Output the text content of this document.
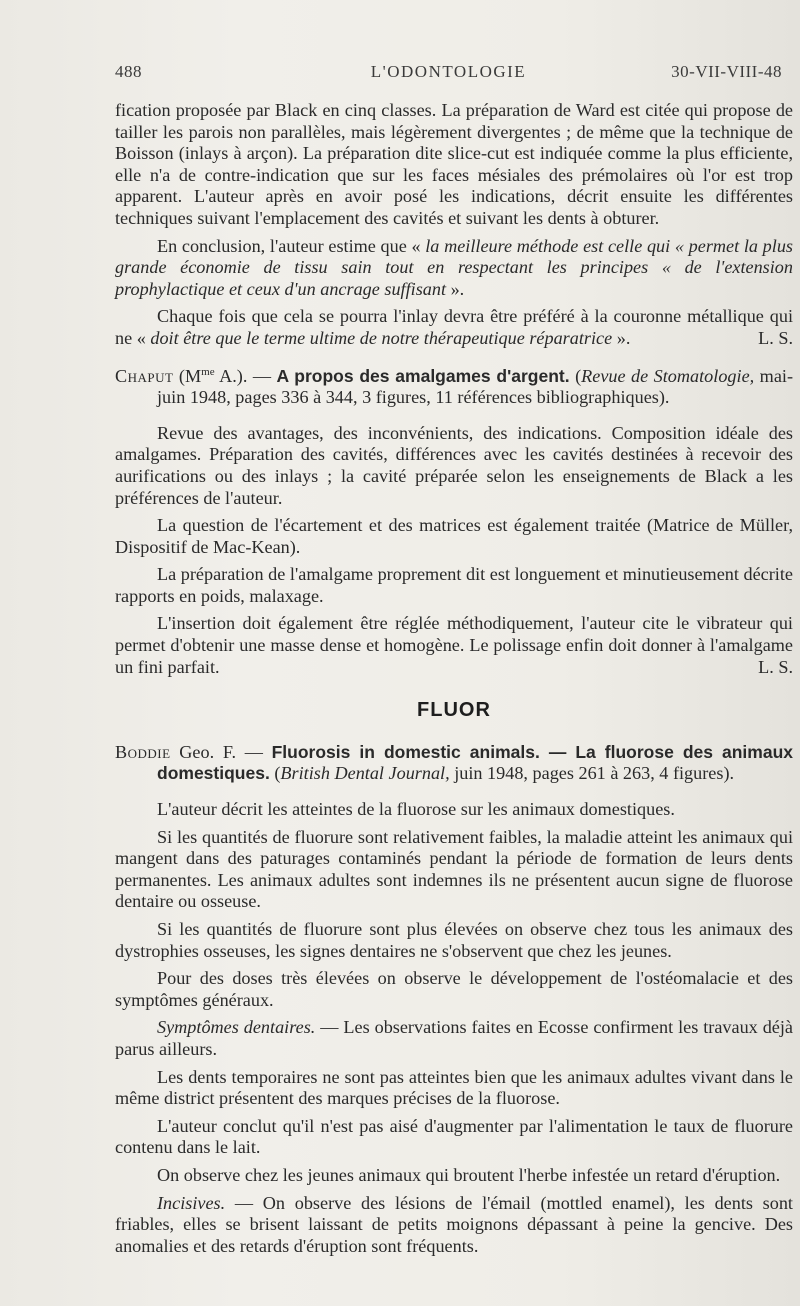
488	L'ODONTOLOGIE	30-VII-VIII-48

fication proposée par Black en cinq classes. La préparation de Ward est citée qui propose de tailler les parois non parallèles, mais légèrement divergentes ; de même que la technique de Boisson (inlays à arçon). La préparation dite slice-cut est indiquée comme la plus efficiente, elle n'a de contre-indication que sur les faces mésiales des prémolaires où l'or est trop apparent. L'auteur après en avoir posé les indications, décrit ensuite les différentes techniques suivant l'emplacement des cavités et suivant les dents à obturer.

En conclusion, l'auteur estime que « la meilleure méthode est celle qui « permet la plus grande économie de tissu sain tout en respectant les principes « de l'extension prophylactique et ceux d'un ancrage suffisant ».

Chaque fois que cela se pourra l'inlay devra être préféré à la couronne métallique qui ne « doit être que le terme ultime de notre thérapeutique réparatrice ».	L. S.

Chaput ($M^{me}$ A.). — A propos des amalgames d'argent. (Revue de Stomatologie, mai-juin 1948, pages 336 à 344, 3 figures, 11 références bibliographiques).

Revue des avantages, des inconvénients, des indications. Composition idéale des amalgames. Préparation des cavités, différences avec les cavités destinées à recevoir des aurifications ou des inlays ; la cavité préparée selon les enseignements de Black a les préférences de l'auteur.

La question de l'écartement et des matrices est également traitée (Matrice de Müller, Dispositif de Mac-Kean).

La préparation de l'amalgame proprement dit est longuement et minutieusement décrite rapports en poids, malaxage.

L'insertion doit également être réglée méthodiquement, l'auteur cite le vibrateur qui permet d'obtenir une masse dense et homogène. Le polissage enfin doit donner à l'amalgame un fini parfait.	L. S.

FLUOR

Boddie Geo. F. — Fluorosis in domestic animals. — La fluorose des animaux domestiques. (British Dental Journal, juin 1948, pages 261 à 263, 4 figures).

L'auteur décrit les atteintes de la fluorose sur les animaux domestiques.

Si les quantités de fluorure sont relativement faibles, la maladie atteint les animaux qui mangent dans des paturages contaminés pendant la période de formation de leurs dents permanentes. Les animaux adultes sont indemnes ils ne présentent aucun signe de fluorose dentaire ou osseuse.

Si les quantités de fluorure sont plus élevées on observe chez tous les animaux des dystrophies osseuses, les signes dentaires ne s'observent que chez les jeunes.

Pour des doses très élevées on observe le développement de l'ostéomalacie et des symptômes généraux.

Symptômes dentaires. — Les observations faites en Ecosse confirment les travaux déjà parus ailleurs.

Les dents temporaires ne sont pas atteintes bien que les animaux adultes vivant dans le même district présentent des marques précises de la fluorose.

L'auteur conclut qu'il n'est pas aisé d'augmenter par l'alimentation le taux de fluorure contenu dans le lait.

On observe chez les jeunes animaux qui broutent l'herbe infestée un retard d'éruption.

Incisives. — On observe des lésions de l'émail (mottled enamel), les dents sont friables, elles se brisent laissant de petits moignons dépassant à peine la gencive. Des anomalies et des retards d'éruption sont fréquents.
